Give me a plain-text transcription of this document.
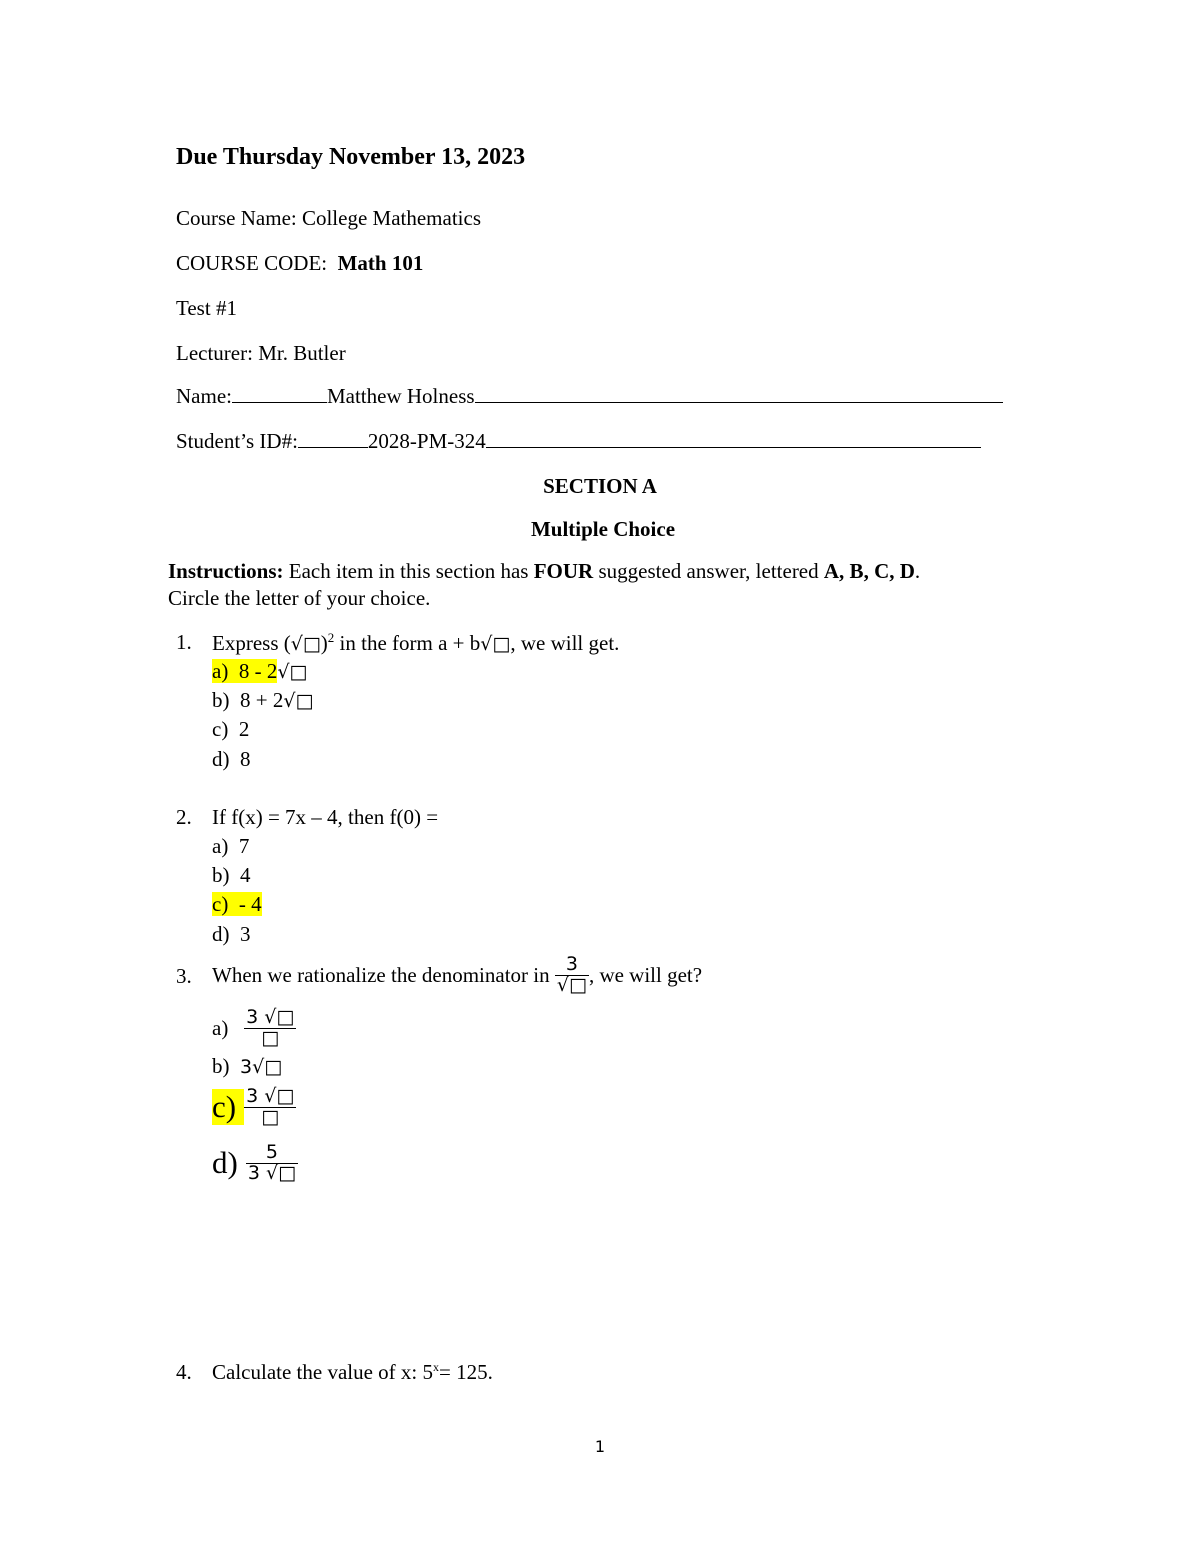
Due Thursday November 13, 2023
Course Name: College Mathematics
COURSE CODE: Math 101
Test #1
Lecturer: Mr. Butler
Name:	Matthew Holness
Student’s ID#:	2028-PM-324
SECTION A
Multiple Choice
Instructions: Each item in this section has FOUR suggested answer, lettered A, B, C, D.
Circle the letter of your choice.
1. Express (√□)$^2$ in the form a + b√□, we will get.
a) 8 - 2√□
b) 8 + 2√□
c) 2
d) 8
2. If f(x) = 7x – 4, then f(0) =
a) 7
b) 4
c) - 4
d) 3
3. When we rationalize the denominator in
$\frac{3}{√□}$ , we will get?
a)
$\frac{3 √□}{□}$
b) 3√□
$c) \frac{3 √□}{□}$
$d) \frac{5}{3 √□}$
4. Calculate the value of x: $5^x= 125$.
1
